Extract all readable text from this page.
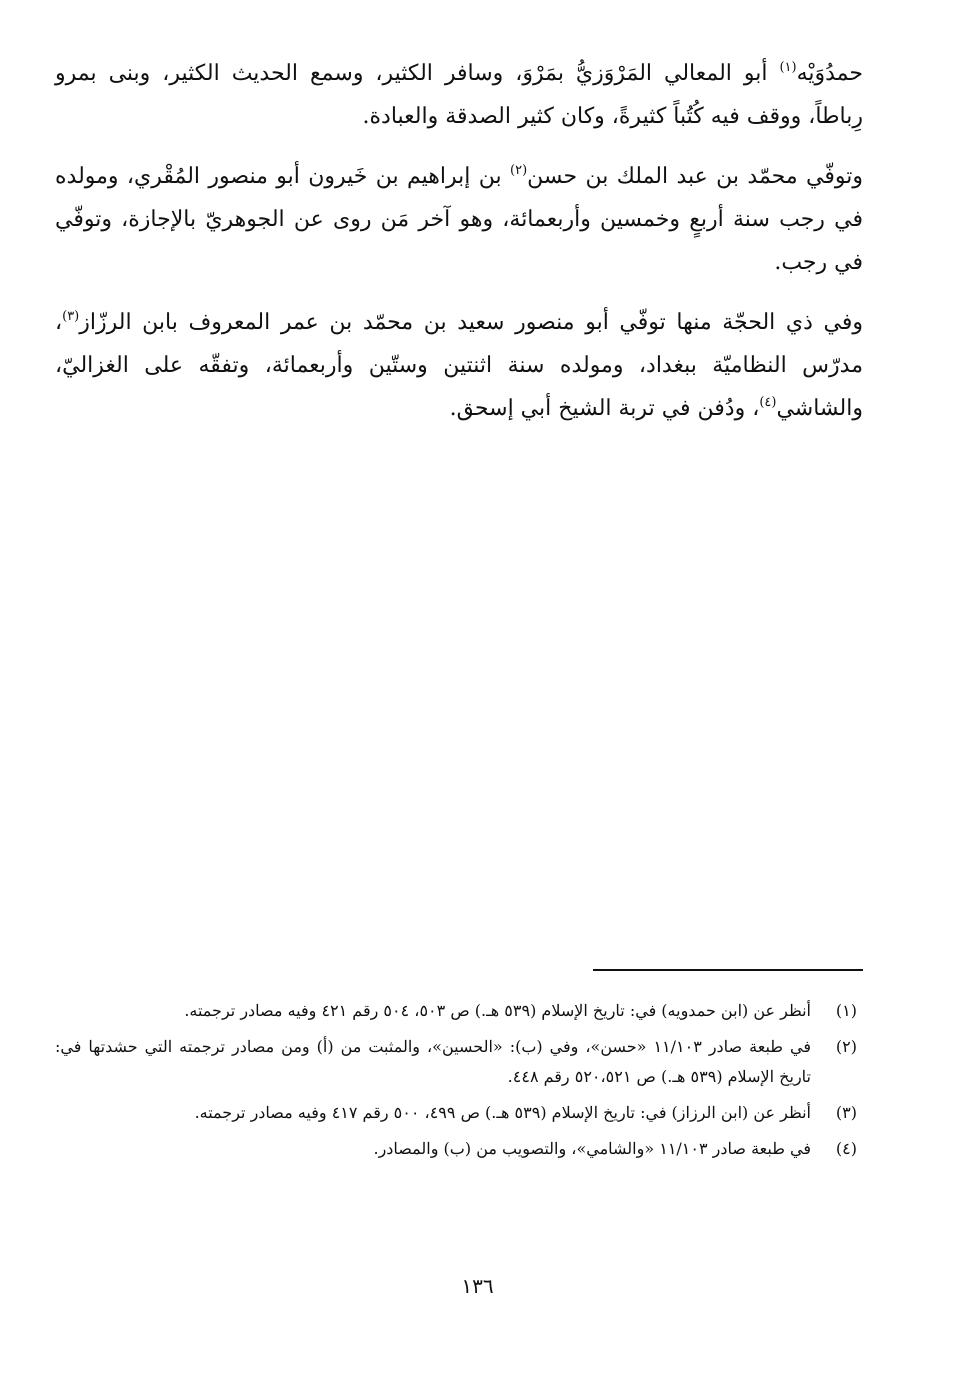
حمدُوَيْه$^{(١)}$ أبو المعالي المَرْوَزيُّ بمَرْوَ، وسافر الكثير، وسمع الحديث الكثير، وبنى بمرو رِباطاً، ووقف فيه كُتُباً كثيرةً، وكان كثير الصدقة والعبادة.

وتوفّي محمّد بن عبد الملك بن حسن$^{(٢)}$ بن إبراهيم بن خَيرون أبو منصور المُقْري، ومولده في رجب سنة أربعٍ وخمسين وأربعمائة، وهو آخر مَن روى عن الجوهريّ بالإجازة، وتوفّي في رجب.

وفي ذي الحجّة منها توفّي أبو منصور سعيد بن محمّد بن عمر المعروف بابن الرزّاز$^{(٣)}$، مدرّس النظاميّة ببغداد، ومولده سنة اثنتين وستّين وأربعمائة، وتفقّه على الغزاليّ، والشاشي$^{(٤)}$، ودُفن في تربة الشيخ أبي إسحق.

(١)
أنظر عن (ابن حمدويه) في: تاريخ الإسلام (٥٣٩ هـ.) ص ٥٠٣، ٥٠٤ رقم ٤٢١ وفيه مصادر ترجمته.
(٢)
في طبعة صادر ١١/١٠٣ «حسن»، وفي (ب): «الحسين»، والمثبت من (أ) ومن مصادر ترجمته التي حشدتها في: تاريخ الإسلام (٥٣٩ هـ.) ص ٥٢٠،٥٢١ رقم ٤٤٨.
(٣)
أنظر عن (ابن الرزاز) في: تاريخ الإسلام (٥٣٩ هـ.) ص ٤٩٩، ٥٠٠ رقم ٤١٧ وفيه مصادر ترجمته.
(٤)
في طبعة صادر ١١/١٠٣ «والشامي»، والتصويب من (ب) والمصادر.
١٣٦
